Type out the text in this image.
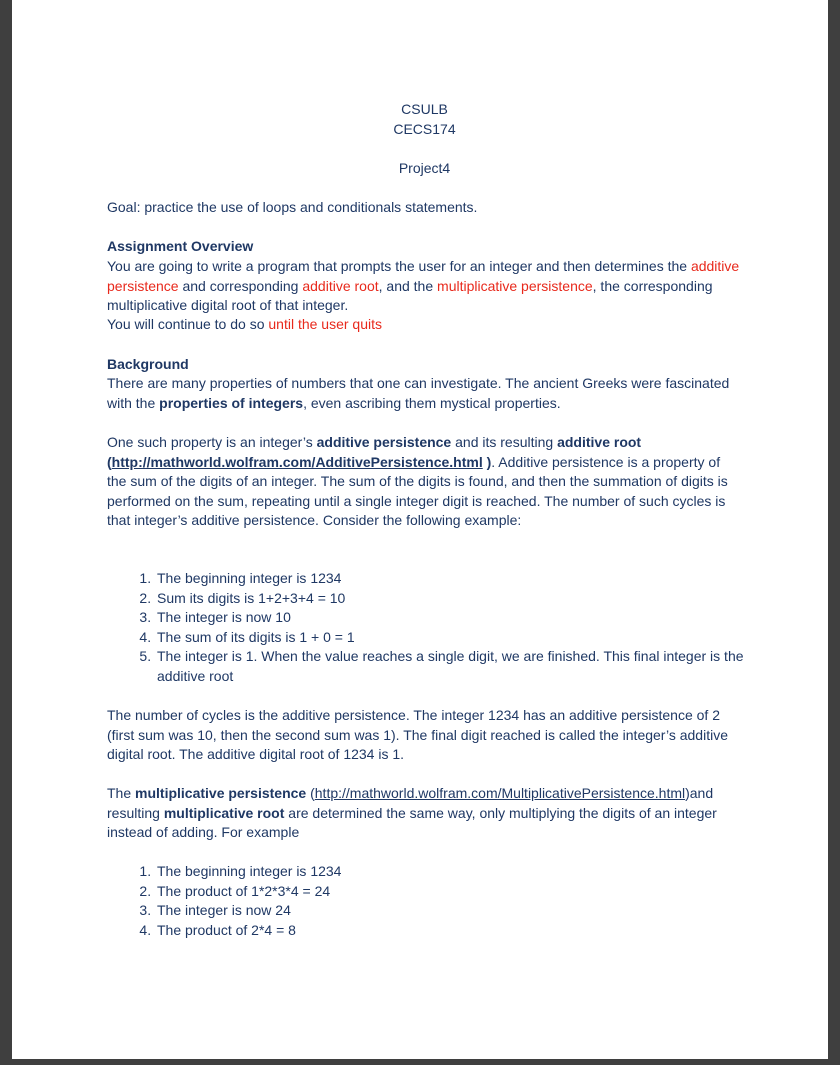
CSULB

CECS174

Project4

Goal: practice the use of loops and conditionals statements.

Assignment Overview

You are going to write a program that prompts the user for an integer and then determines the additive persistence and corresponding additive root, and the multiplicative persistence, the corresponding multiplicative digital root of that integer.

You will continue to do so until the user quits

Background

There are many properties of numbers that one can investigate. The ancient Greeks were fascinated with the properties of integers, even ascribing them mystical properties.

One such property is an integer’s additive persistence and its resulting additive root (http://mathworld.wolfram.com/AdditivePersistence.html ). Additive persistence is a property of the sum of the digits of an integer. The sum of the digits is found, and then the summation of digits is performed on the sum, repeating until a single integer digit is reached. The number of such cycles is that integer’s additive persistence. Consider the following example:

1. The beginning integer is 1234
2. Sum its digits is 1+2+3+4 = 10
3. The integer is now 10
4. The sum of its digits is 1 + 0 = 1
5. The integer is 1. When the value reaches a single digit, we are finished. This final integer is the additive root

The number of cycles is the additive persistence. The integer 1234 has an additive persistence of 2 (first sum was 10, then the second sum was 1). The final digit reached is called the integer’s additive digital root. The additive digital root of 1234 is 1.

The multiplicative persistence (http://mathworld.wolfram.com/MultiplicativePersistence.html)and resulting multiplicative root are determined the same way, only multiplying the digits of an integer instead of adding. For example

1. The beginning integer is 1234
2. The product of 1*2*3*4 = 24
3. The integer is now 24
4. The product of 2*4 = 8
